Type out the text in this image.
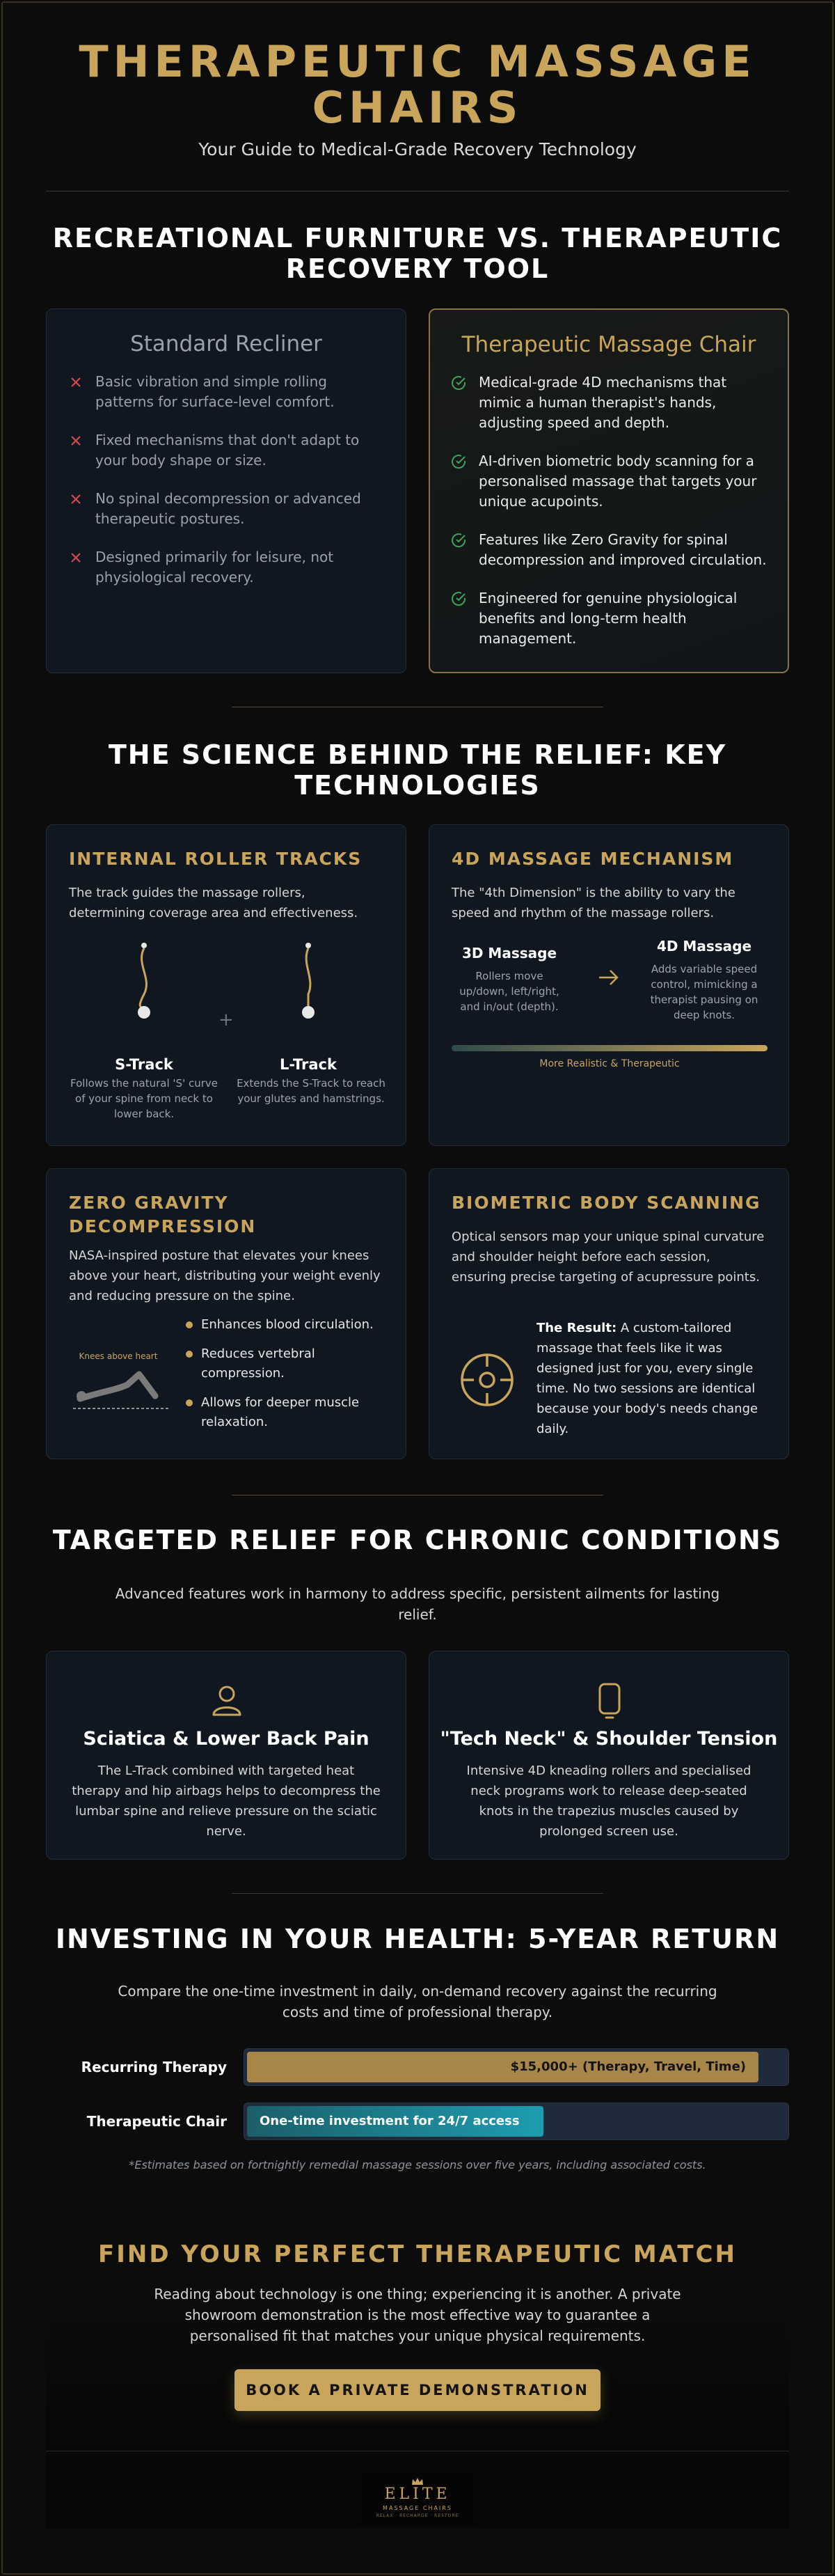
THERAPEUTIC MASSAGE
CHAIRS
Your Guide to Medical-Grade Recovery Technology
RECREATIONAL FURNITURE VS. THERAPEUTIC
RECOVERY TOOL
Standard Recliner
Basic vibration and simple rolling patterns for surface-level comfort.
Fixed mechanisms that don't adapt to your body shape or size.
No spinal decompression or advanced therapeutic postures.
Designed primarily for leisure, not physiological recovery.
Therapeutic Massage Chair
Medical-grade 4D mechanisms that mimic a human therapist's hands, adjusting speed and depth.
AI-driven biometric body scanning for a personalised massage that targets your unique acupoints.
Features like Zero Gravity for spinal decompression and improved circulation.
Engineered for genuine physiological benefits and long-term health management.
THE SCIENCE BEHIND THE RELIEF: KEY
TECHNOLOGIES
INTERNAL ROLLER TRACKS
The track guides the massage rollers, determining coverage area and effectiveness.
S-Track
Follows the natural 'S' curve of your spine from neck to lower back.
+
L-Track
Extends the S-Track to reach your glutes and hamstrings.
4D MASSAGE MECHANISM
The "4th Dimension" is the ability to vary the speed and rhythm of the massage rollers.
3D Massage
Rollers move up/down, left/right, and in/out (depth).
4D Massage
Adds variable speed control, mimicking a therapist pausing on deep knots.
More Realistic & Therapeutic
ZERO GRAVITY
DECOMPRESSION
NASA-inspired posture that elevates your knees above your heart, distributing your weight evenly and reducing pressure on the spine.
Knees above heart
Enhances blood circulation.
Reduces vertebral compression.
Allows for deeper muscle relaxation.
BIOMETRIC BODY SCANNING
Optical sensors map your unique spinal curvature and shoulder height before each session, ensuring precise targeting of acupressure points.
The Result: A custom-tailored massage that feels like it was designed just for you, every single time. No two sessions are identical because your body's needs change daily.
TARGETED RELIEF FOR CHRONIC CONDITIONS
Advanced features work in harmony to address specific, persistent ailments for lasting relief.
Sciatica & Lower Back Pain
The L-Track combined with targeted heat therapy and hip airbags helps to decompress the lumbar spine and relieve pressure on the sciatic nerve.
"Tech Neck" & Shoulder Tension
Intensive 4D kneading rollers and specialised neck programs work to release deep-seated knots in the trapezius muscles caused by prolonged screen use.
INVESTING IN YOUR HEALTH: 5-YEAR RETURN
Compare the one-time investment in daily, on-demand recovery against the recurring costs and time of professional therapy.
Recurring Therapy	$15,000+ (Therapy, Travel, Time)
Therapeutic Chair	One-time investment for 24/7 access
*Estimates based on fortnightly remedial massage sessions over five years, including associated costs.
FIND YOUR PERFECT THERAPEUTIC MATCH
Reading about technology is one thing; experiencing it is another. A private showroom demonstration is the most effective way to guarantee a personalised fit that matches your unique physical requirements.
BOOK A PRIVATE DEMONSTRATION
ELITE
MASSAGE CHAIRS
RELAX · RECHARGE · RESTORE
